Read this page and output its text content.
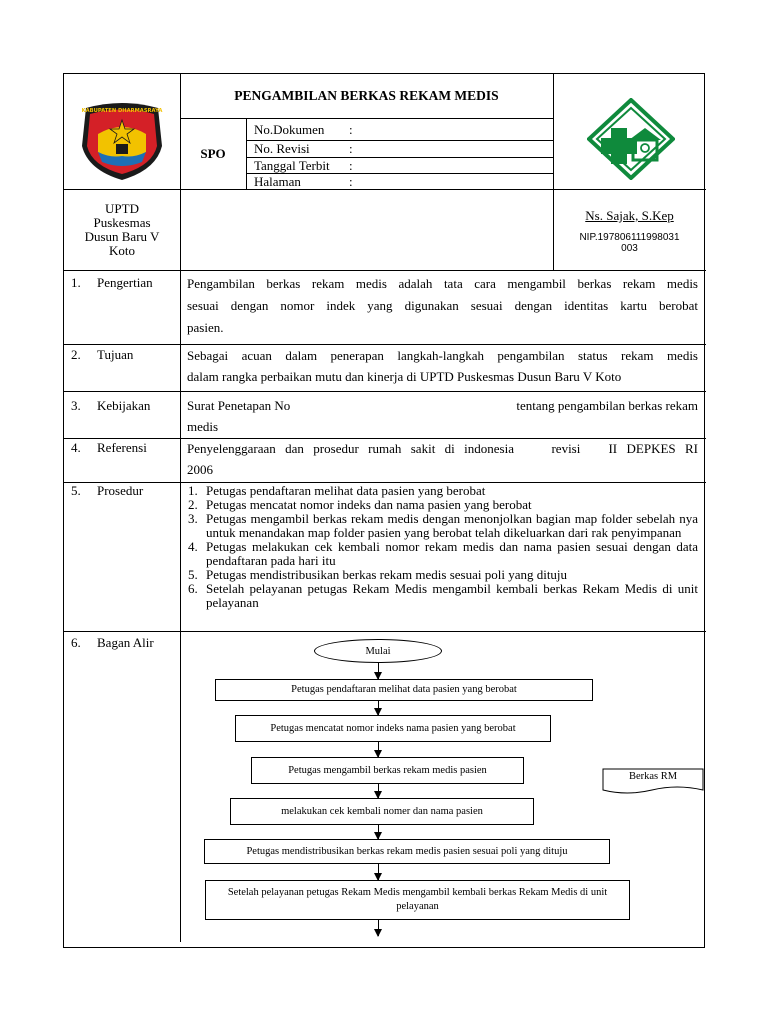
KABUPATEN DHARMASRAYA
PENGAMBILAN BERKAS REKAM MEDIS
SPO
No.Dokumen :
No. Revisi	:
Tanggal Terbit :
Halaman	:
UPTD
Puskesmas
Dusun Baru V
Koto
Ns. Sajak, S.Kep
NIP.197806111998031
003
1. Pengertian	Pengambilan berkas rekam medis adalah tata cara mengambil berkas rekam medis
sesuai dengan nomor indek yang digunakan sesuai dengan identitas kartu berobat
pasien.
2. Tujuan	Sebagai acuan dalam penerapan langkah-langkah pengambilan status rekam medis
dalam rangka perbaikan mutu dan kinerja di UPTD Puskesmas Dusun Baru V Koto
3. Kebijakan	Surat Penetapan No	tentang pengambilan berkas rekam
medis
4. Referensi	Penyelenggaraan dan prosedur rumah sakit di indonesia    revisi   II DEPKES RI
2006
5. Prosedur	1. Petugas pendaftaran melihat data pasien yang berobat
2. Petugas mencatat nomor indeks dan nama pasien yang berobat
3. Petugas mengambil berkas rekam medis dengan menonjolkan bagian map folder sebelah nya untuk menandakan map folder pasien yang berobat telah dikeluarkan dari rak penyimpanan
4. Petugas melakukan cek kembali nomor rekam medis dan nama pasien sesuai dengan data pendaftaran pada hari itu
5. Petugas mendistribusikan berkas rekam medis sesuai poli yang dituju
6. Setelah pelayanan petugas Rekam Medis mengambil kembali berkas Rekam Medis di unit pelayanan
6. Bagan Alir
Mulai
Petugas pendaftaran melihat data pasien yang berobat
Petugas mencatat nomor indeks nama pasien yang berobat
Petugas mengambil berkas rekam medis pasien
melakukan cek kembali nomer dan nama pasien
Petugas mendistribusikan berkas rekam medis pasien sesuai poli yang dituju
Setelah pelayanan petugas Rekam Medis mengambil kembali berkas Rekam Medis di unit pelayanan
Berkas RM
